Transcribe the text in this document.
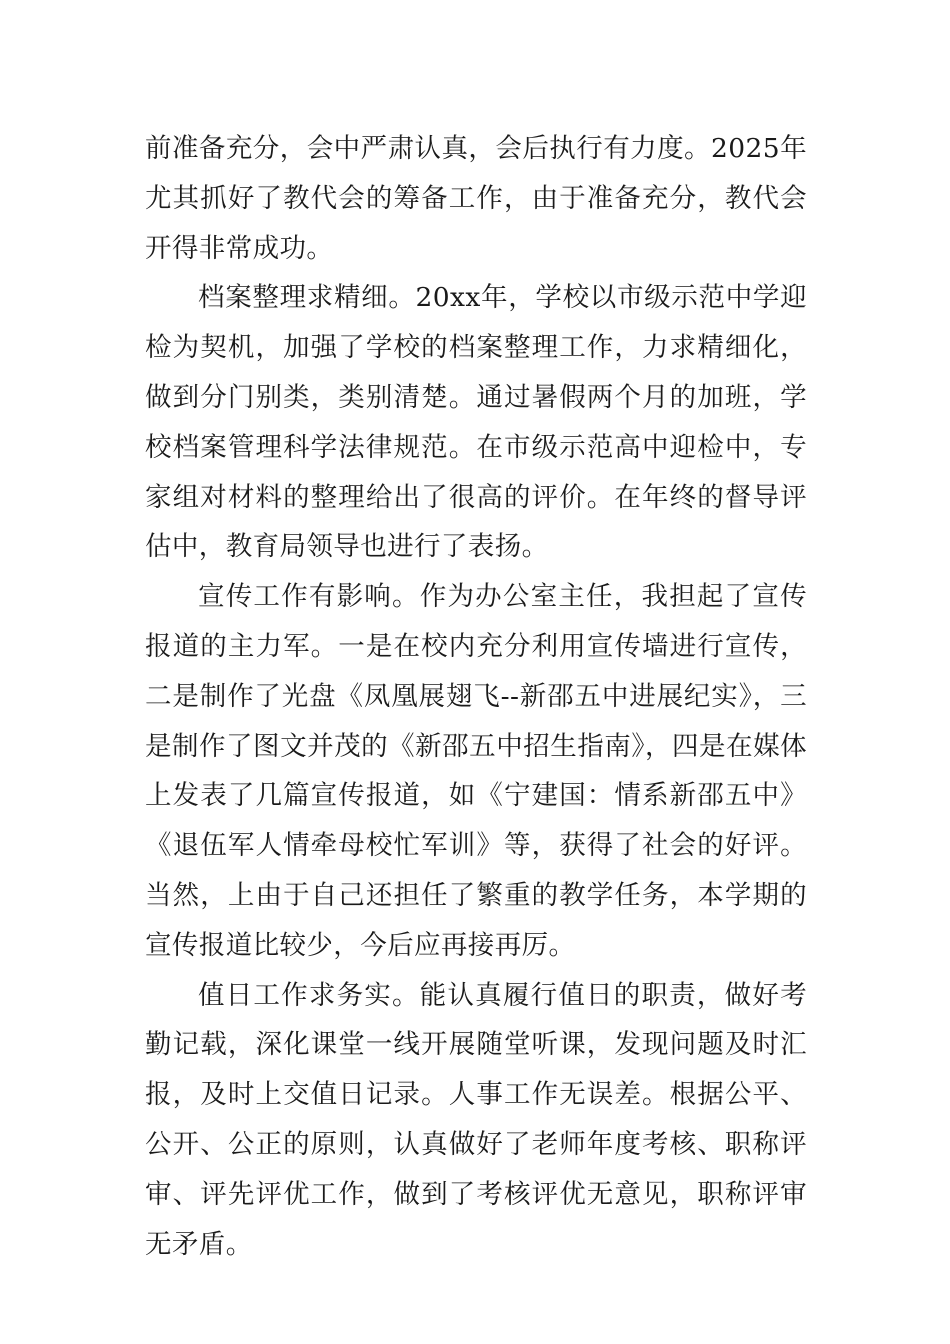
前准备充分，会中严肃认真，会后执行有力度。2025年尤其抓好了教代会的筹备工作，由于准备充分，教代会开得非常成功。

档案整理求精细。20xx年，学校以市级示范中学迎检为契机，加强了学校的档案整理工作，力求精细化，做到分门别类，类别清楚。通过暑假两个月的加班，学校档案管理科学法律规范。在市级示范高中迎检中，专家组对材料的整理给出了很高的评价。在年终的督导评估中，教育局领导也进行了表扬。

宣传工作有影响。作为办公室主任，我担起了宣传报道的主力军。一是在校内充分利用宣传墙进行宣传，二是制作了光盘《凤凰展翅飞--新邵五中进展纪实》，三是制作了图文并茂的《新邵五中招生指南》，四是在媒体上发表了几篇宣传报道，如《宁建国：情系新邵五中》《退伍军人情牵母校忙军训》等，获得了社会的好评。当然，上由于自己还担任了繁重的教学任务，本学期的宣传报道比较少，今后应再接再厉。

值日工作求务实。能认真履行值日的职责，做好考勤记载，深化课堂一线开展随堂听课，发现问题及时汇报，及时上交值日记录。人事工作无误差。根据公平、公开、公正的原则，认真做好了老师年度考核、职称评审、评先评优工作，做到了考核评优无意见，职称评审无矛盾。
